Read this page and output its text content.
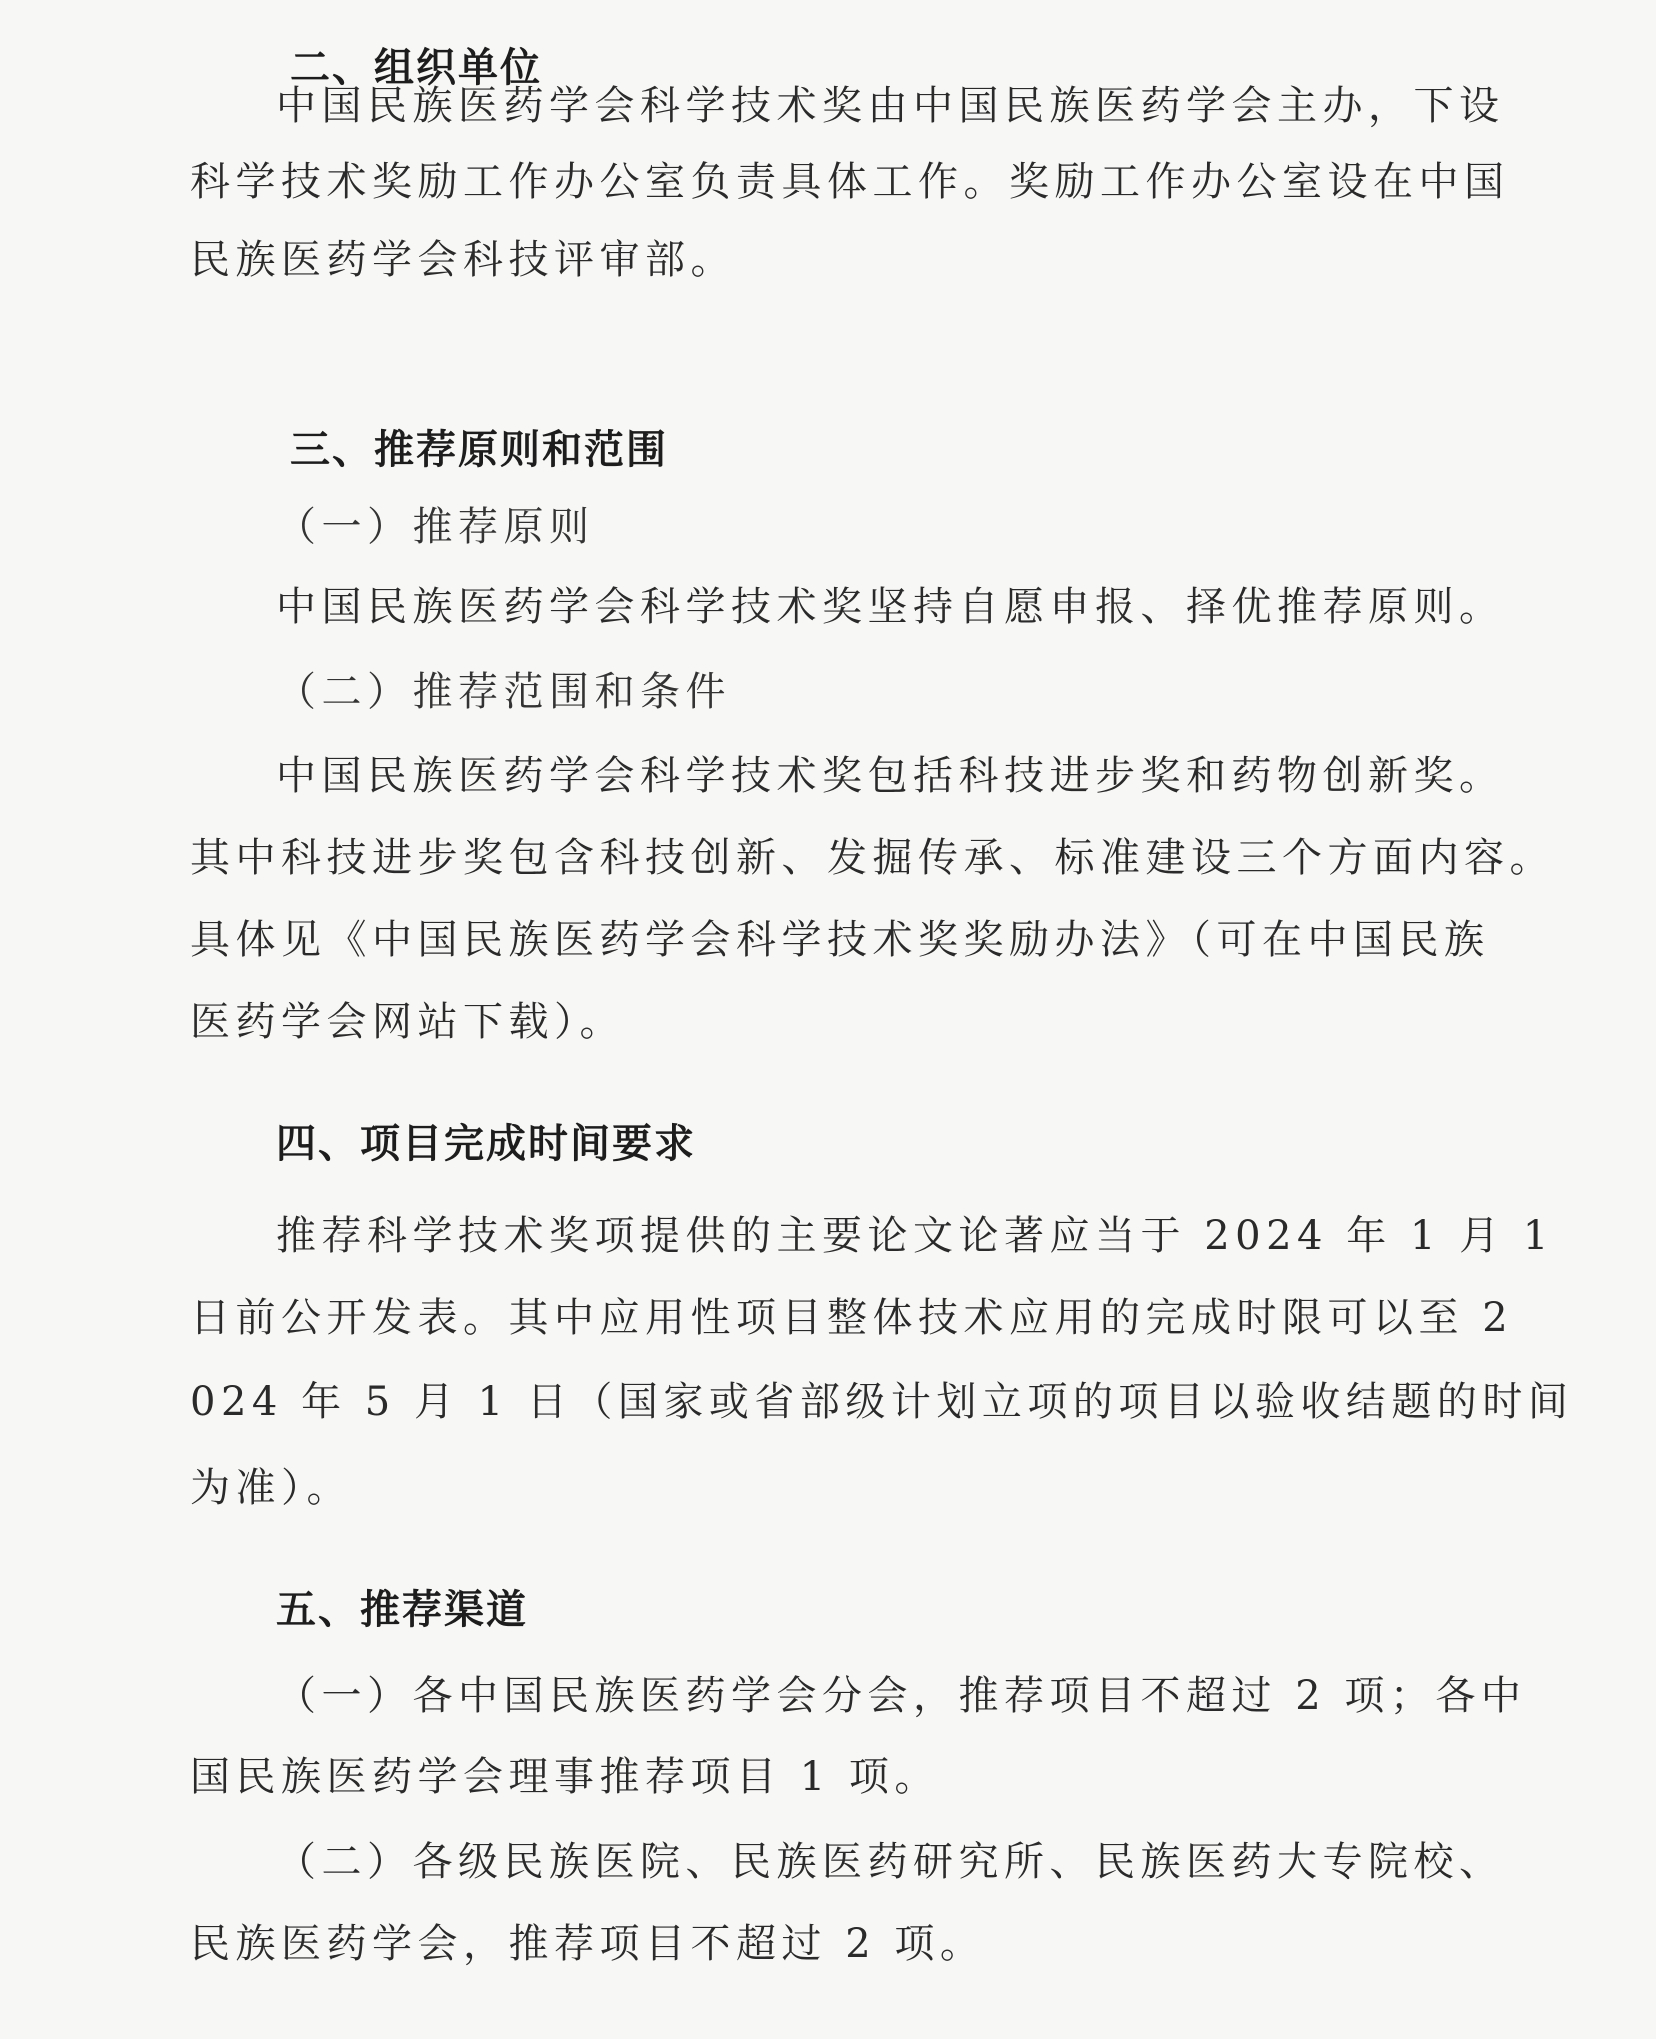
二、组织单位

中国民族医药学会科学技术奖由中国民族医药学会主办，下设

科学技术奖励工作办公室负责具体工作。奖励工作办公室设在中国

民族医药学会科技评审部。

三、推荐原则和范围

（一）推荐原则

中国民族医药学会科学技术奖坚持自愿申报、择优推荐原则。

（二）推荐范围和条件

中国民族医药学会科学技术奖包括科技进步奖和药物创新奖。

其中科技进步奖包含科技创新、发掘传承、标准建设三个方面内容。

具体见《中国民族医药学会科学技术奖奖励办法》（可在中国民族

医药学会网站下载）。

四、项目完成时间要求

推荐科学技术奖项提供的主要论文论著应当于 2024 年 1 月 1

日前公开发表。其中应用性项目整体技术应用的完成时限可以至 2

024 年 5 月 1 日（国家或省部级计划立项的项目以验收结题的时间

为准）。

五、推荐渠道

（一）各中国民族医药学会分会，推荐项目不超过 2 项；各中

国民族医药学会理事推荐项目 1 项。

（二）各级民族医院、民族医药研究所、民族医药大专院校、

民族医药学会，推荐项目不超过 2 项。
